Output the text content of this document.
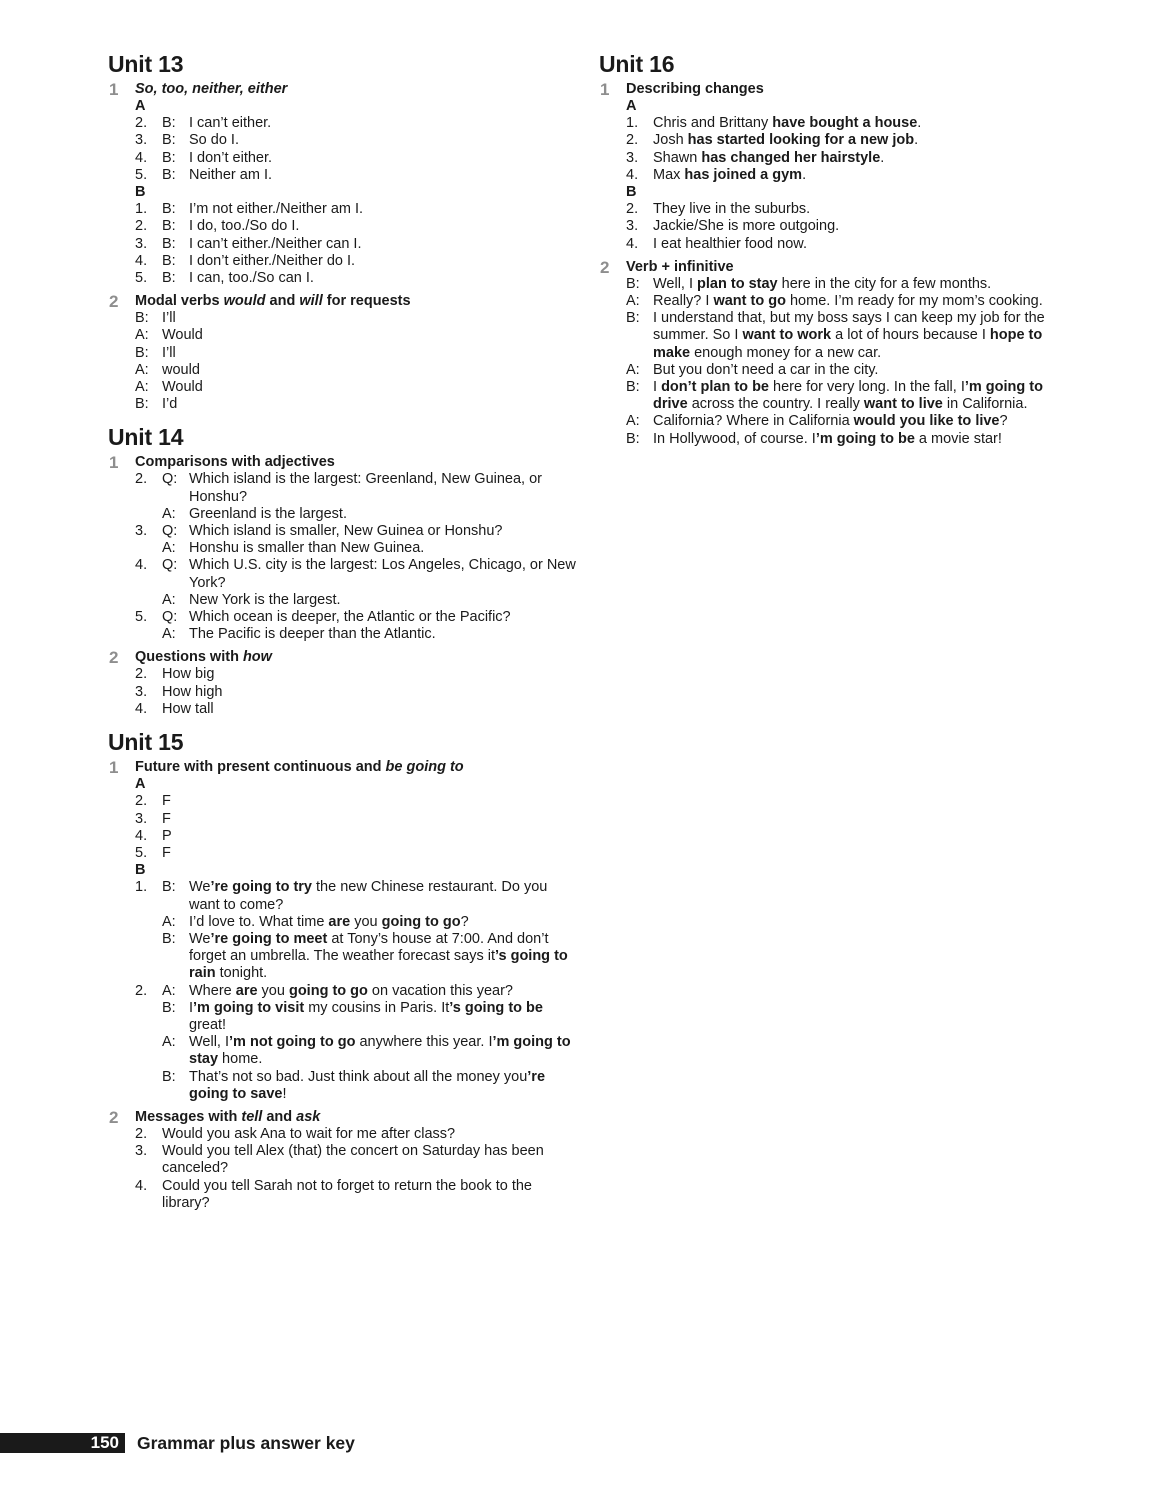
Unit 13
1 So, too, neither, either
A
2.	B: I can’t either.
3.	B: So do I.
4.	B: I don’t either.
5.	B: Neither am I.
B
1.	B: I’m not either./Neither am I.
2.	B: I do, too./So do I.
3.	B: I can’t either./Neither can I.
4.	B: I don’t either./Neither do I.
5.	B: I can, too./So can I.
2 Modal verbs would and will for requests
B: I’ll
A: Would
B: I’ll
A: would
A: Would
B: I’d
Unit 14
1 Comparisons with adjectives
2.	Q: Which island is the largest: Greenland, New Guinea, or Honshu?
A: Greenland is the largest.
3.	Q: Which island is smaller, New Guinea or Honshu?
A: Honshu is smaller than New Guinea.
4.	Q: Which U.S. city is the largest: Los Angeles, Chicago, or New York?
A: New York is the largest.
5.	Q: Which ocean is deeper, the Atlantic or the Pacific?
A: The Pacific is deeper than the Atlantic.
2 Questions with how
2.	How big
3.	How high
4.	How tall
Unit 15
1 Future with present continuous and be going to
A
2.	F
3.	F
4.	P
5.	F
B
1.	B: We’re going to try the new Chinese restaurant. Do you want to come?
A: I’d love to. What time are you going to go?
B: We’re going to meet at Tony’s house at 7:00. And don’t forget an umbrella. The weather forecast says it’s going to rain tonight.
2.	A: Where are you going to go on vacation this year?
B: I’m going to visit my cousins in Paris. It’s going to be great!
A: Well, I’m not going to go anywhere this year. I’m going to stay home.
B: That’s not so bad. Just think about all the money you’re going to save!
2 Messages with tell and ask
2.	Would you ask Ana to wait for me after class?
3.	Would you tell Alex (that) the concert on Saturday has been canceled?
4.	Could you tell Sarah not to forget to return the book to the library?
Unit 16
1 Describing changes
A
1.	Chris and Brittany have bought a house.
2.	Josh has started looking for a new job.
3.	Shawn has changed her hairstyle.
4.	Max has joined a gym.
B
2.	They live in the suburbs.
3.	Jackie/She is more outgoing.
4.	I eat healthier food now.
2 Verb + infinitive
B: Well, I plan to stay here in the city for a few months.
A: Really? I want to go home. I’m ready for my mom’s cooking.
B: I understand that, but my boss says I can keep my job for the summer. So I want to work a lot of hours because I hope to make enough money for a new car.
A: But you don’t need a car in the city.
B: I don’t plan to be here for very long. In the fall, I’m going to drive across the country. I really want to live in California.
A: California? Where in California would you like to live?
B: In Hollywood, of course. I’m going to be a movie star!
150	Grammar plus answer key
